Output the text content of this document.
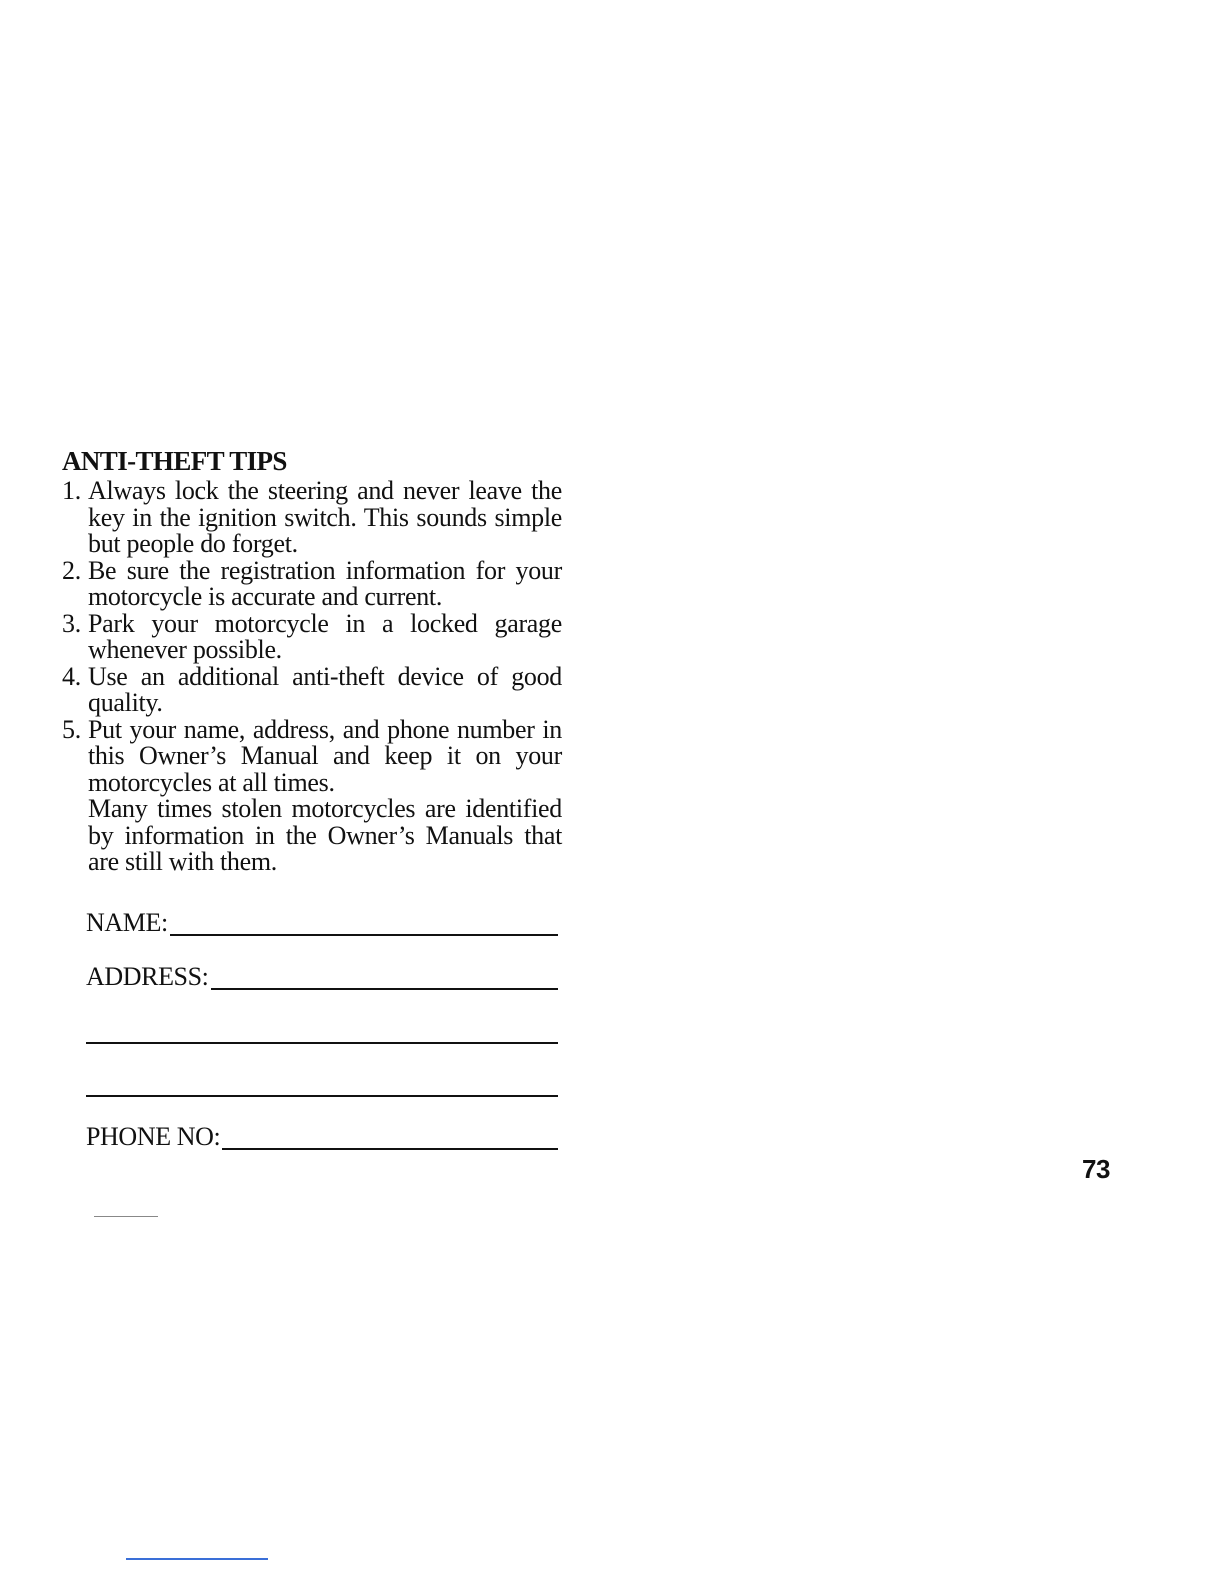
ANTI-THEFT TIPS
1. Always lock the steering and never leave the key in the ignition switch. This sounds simple but people do forget.
2. Be sure the registration information for your motorcycle is accurate and current.
3. Park your motorcycle in a locked garage whenever possible.
4. Use an additional anti-theft device of good quality.
5. Put your name, address, and phone number in this Owner’s Manual and keep it on your motorcycles at all times.

Many times stolen motorcycles are identified by information in the Owner’s Manuals that are still with them.

NAME:
ADDRESS:
PHONE NO:
73
